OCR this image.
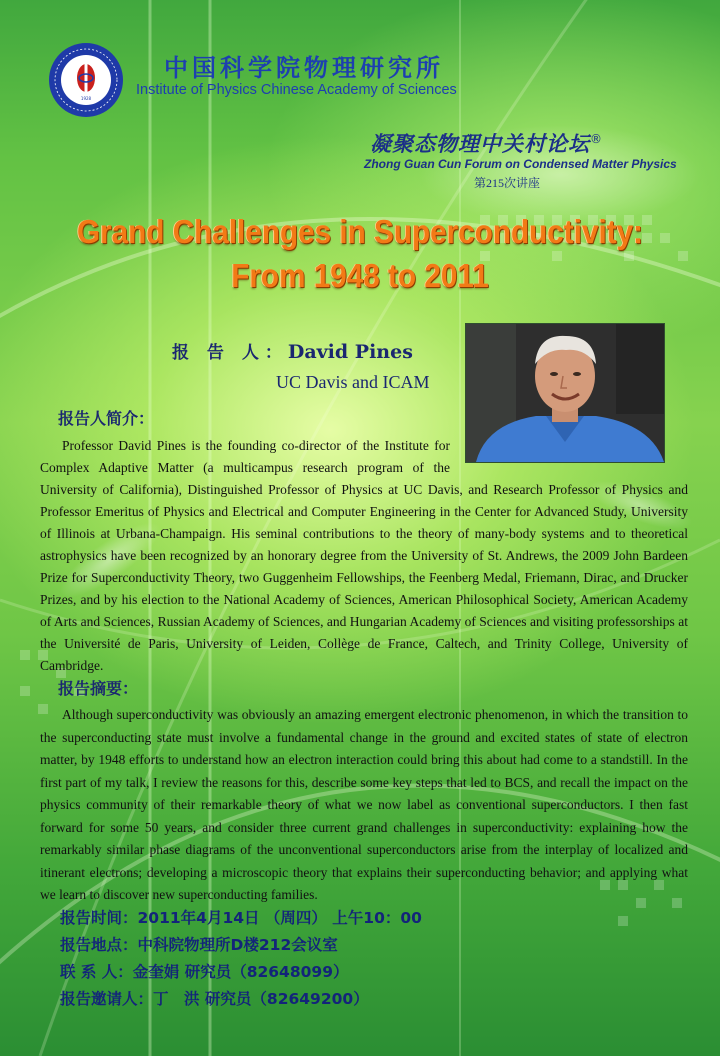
1928
中国科学院物理研究所

Institute of Physics Chinese Academy of Sciences

凝聚态物理中关村论坛®

Zhong Guan Cun Forum on Condensed Matter Physics

第215次讲座

Grand Challenges in Superconductivity:
From 1948 to 2011

报 告 人：David Pines

UC Davis and ICAM

报告人简介：

Professor David Pines is the founding co-director of the Institute for Complex Adaptive Matter (a multicampus research program of the University of California), Distinguished Professor of Physics at UC Davis, and Research Professor of Physics and Professor Emeritus of Physics and Electrical and Computer Engineering in the Center for Advanced Study, University of Illinois at Urbana-Champaign. His seminal contributions to the theory of many-body systems and to theoretical astrophysics have been recognized by an honorary degree from the University of St. Andrews, the 2009 John Bardeen Prize for Superconductivity Theory, two Guggenheim Fellowships, the Feenberg Medal, Friemann, Dirac, and Drucker Prizes, and by his election to the National Academy of Sciences, American Philosophical Society, American Academy of Arts and Sciences, Russian Academy of Sciences, and Hungarian Academy of Sciences and visiting professorships at the Université de Paris, University of Leiden, Collège de France, Caltech, and Trinity College, University of Cambridge.

报告摘要：

Although superconductivity was obviously an amazing emergent electronic phenomenon, in which the transition to the superconducting state must involve a fundamental change in the ground and excited states of state of electron matter, by 1948 efforts to understand how an electron interaction could bring this about had come to a standstill. In the first part of my talk, I review the reasons for this, describe some key steps that led to BCS, and recall the impact on the physics community of their remarkable theory of what we now label as conventional superconductors. I then fast forward for some 50 years, and consider three current grand challenges in superconductivity: explaining how the remarkably similar phase diagrams of the unconventional superconductors arise from the interplay of localized and itinerant electrons; developing a microscopic theory that explains their superconducting behavior; and applying what we learn to discover new superconducting families.

报告时间：2011年4月14日 （周四） 上午10：00
报告地点：中科院物理所D楼212会议室
联 系 人：金奎娟 研究员（82648099）
报告邀请人：丁　洪 研究员（82649200）
